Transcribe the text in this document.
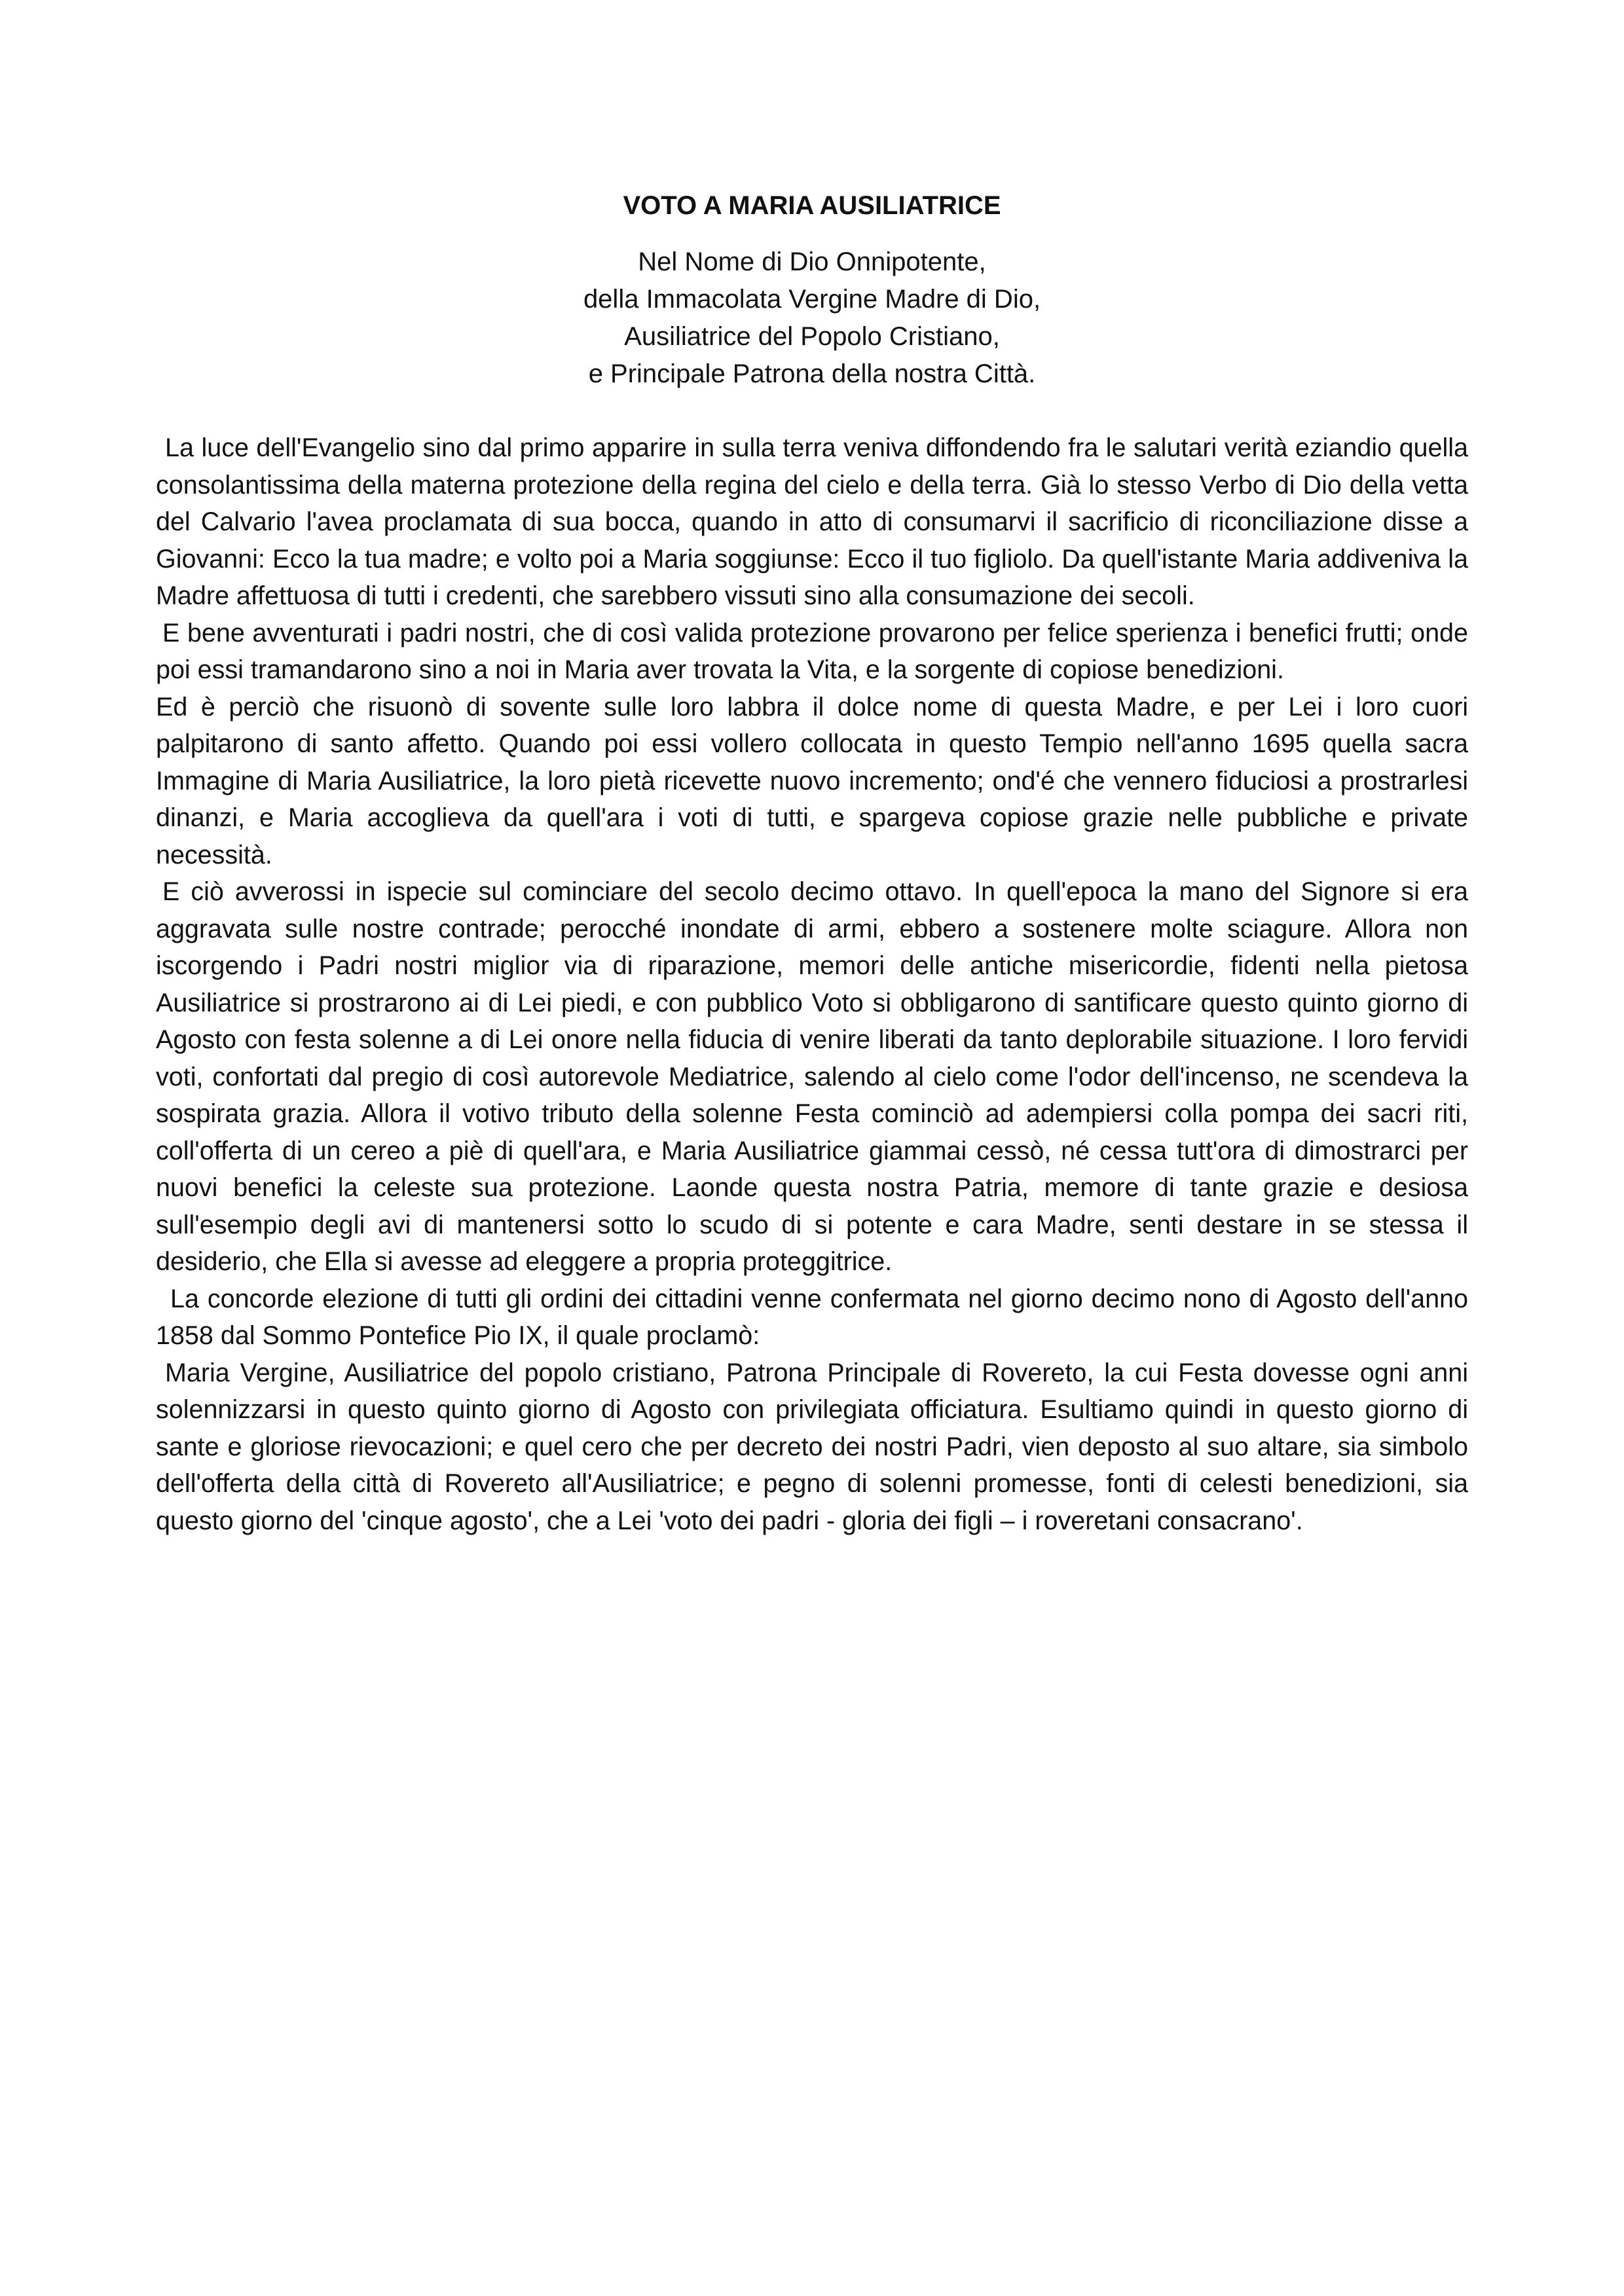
VOTO A MARIA AUSILIATRICE
Nel Nome di Dio Onnipotente,
della Immacolata Vergine Madre di Dio,
Ausiliatrice del Popolo Cristiano,
e Principale Patrona della nostra Città.

La luce dell'Evangelio sino dal primo apparire in sulla terra veniva diffondendo fra le salutari verità eziandio quella consolantissima della materna protezione della regina del cielo e della terra. Già lo stesso Verbo di Dio della vetta del Calvario l'avea proclamata di sua bocca, quando in atto di consumarvi il sacrificio di riconciliazione disse a Giovanni: Ecco la tua madre; e volto poi a Maria soggiunse: Ecco il tuo figliolo. Da quell'istante Maria addiveniva la Madre affettuosa di tutti i credenti, che sarebbero vissuti sino alla consumazione dei secoli.

E bene avventurati i padri nostri, che di così valida protezione provarono per felice sperienza i benefici frutti; onde poi essi tramandarono sino a noi in Maria aver trovata la Vita, e la sorgente di copiose benedizioni.

Ed è perciò che risuonò di sovente sulle loro labbra il dolce nome di questa Madre, e per Lei i loro cuori palpitarono di santo affetto. Quando poi essi vollero collocata in questo Tempio nell'anno 1695 quella sacra Immagine di Maria Ausiliatrice, la loro pietà ricevette nuovo incremento; ond'é che vennero fiduciosi a prostrarlesi dinanzi, e Maria accoglieva da quell'ara i voti di tutti, e spargeva copiose grazie nelle pubbliche e private necessità.

E ciò avverossi in ispecie sul cominciare del secolo decimo ottavo. In quell'epoca la mano del Signore si era aggravata sulle nostre contrade; perocché inondate di armi, ebbero a sostenere molte sciagure. Allora non iscorgendo i Padri nostri miglior via di riparazione, memori delle antiche misericordie, fidenti nella pietosa Ausiliatrice si prostrarono ai di Lei piedi, e con pubblico Voto si obbligarono di santificare questo quinto giorno di Agosto con festa solenne a di Lei onore nella fiducia di venire liberati da tanto deplorabile situazione. I loro fervidi voti, confortati dal pregio di così autorevole Mediatrice, salendo al cielo come l'odor dell'incenso, ne scendeva la sospirata grazia. Allora il votivo tributo della solenne Festa cominciò ad adempiersi colla pompa dei sacri riti, coll'offerta di un cereo a piè di quell'ara, e Maria Ausiliatrice giammai cessò, né cessa tutt'ora di dimostrarci per nuovi benefici la celeste sua protezione. Laonde questa nostra Patria, memore di tante grazie e desiosa sull'esempio degli avi di mantenersi sotto lo scudo di si potente e cara Madre, senti destare in se stessa il desiderio, che Ella si avesse ad eleggere a propria proteggitrice.

La concorde elezione di tutti gli ordini dei cittadini venne confermata nel giorno decimo nono di Agosto dell'anno 1858 dal Sommo Pontefice Pio IX, il quale proclamò:

Maria Vergine, Ausiliatrice del popolo cristiano, Patrona Principale di Rovereto, la cui Festa dovesse ogni anni solennizzarsi in questo quinto giorno di Agosto con privilegiata officiatura. Esultiamo quindi in questo giorno di sante e gloriose rievocazioni; e quel cero che per decreto dei nostri Padri, vien deposto al suo altare, sia simbolo dell'offerta della città di Rovereto all'Ausiliatrice; e pegno di solenni promesse, fonti di celesti benedizioni, sia questo giorno del 'cinque agosto', che a Lei 'voto dei padri - gloria dei figli – i roveretani consacrano'.
